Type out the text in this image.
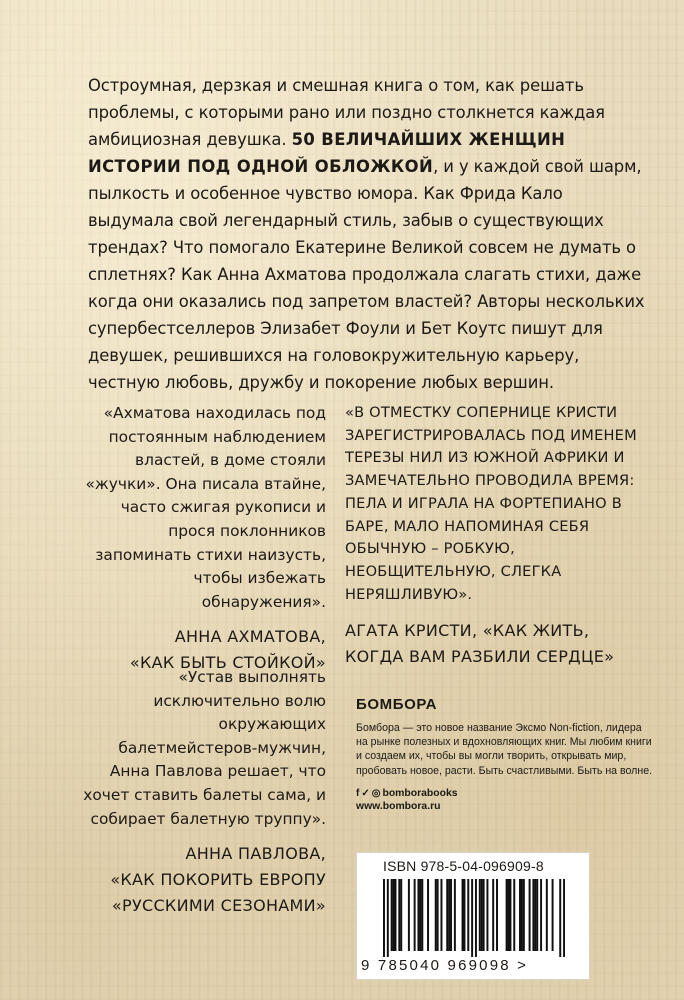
Остроумная, дерзкая и смешная книга о том, как решать проблемы, с которыми рано или поздно столкнется каждая амбициозная девушка. 50 ВЕЛИЧАЙШИХ ЖЕНЩИН ИСТОРИИ ПОД ОДНОЙ ОБЛОЖКОЙ, и у каждой свой шарм, пылкость и особенное чувство юмора. Как Фрида Кало выдумала свой легендарный стиль, забыв о существующих трендах? Что помогало Екатерине Великой совсем не думать о сплетнях? Как Анна Ахматова продолжала слагать стихи, даже когда они оказались под запретом властей? Авторы нескольких супербестселлеров Элизабет Фоули и Бет Коутс пишут для девушек, решившихся на головокружительную карьеру, честную любовь, дружбу и покорение любых вершин.
«Ахматова находилась под постоянным наблюдением властей, в доме стояли «жучки». Она писала втайне, часто сжигая рукописи и прося поклонников запоминать стихи наизусть, чтобы избежать обнаружения».
АННА АХМАТОВА,
«КАК БЫТЬ СТОЙКОЙ»
«Устав выполнять исключительно волю окружающих балетмейстеров-мужчин, Анна Павлова решает, что хочет ставить балеты сама, и собирает балетную труппу».
АННА ПАВЛОВА,
«КАК ПОКОРИТЬ ЕВРОПУ
«РУССКИМИ СЕЗОНАМИ»
«В ОТМЕСТКУ СОПЕРНИЦЕ КРИСТИ ЗАРЕГИСТРИРОВАЛАСЬ ПОД ИМЕНЕМ ТЕРЕЗЫ НИЛ ИЗ ЮЖНОЙ АФРИКИ И ЗАМЕЧАТЕЛЬНО ПРОВОДИЛА ВРЕМЯ: ПЕЛА И ИГРАЛА НА ФОРТЕПИАНО В БАРЕ, МАЛО НАПОМИНАЯ СЕБЯ ОБЫЧНУЮ – РОБКУЮ, НЕОБЩИТЕЛЬНУЮ, СЛЕГКА НЕРЯШЛИВУЮ».
АГАТА КРИСТИ, «КАК ЖИТЬ,
КОГДА ВАМ РАЗБИЛИ СЕРДЦЕ»
БОМБОРА
Бомбора — это новое название Эксмо Non-fiction, лидера на рынке полезных и вдохновляющих книг. Мы любим книги и создаем их, чтобы вы могли творить, открывать мир, пробовать новое, расти. Быть счастливыми. Быть на волне.
f ✓ ◎ bomborabooks
www.bombora.ru
ISBN 978-5-04-096909-8
9 785040 969098 >
